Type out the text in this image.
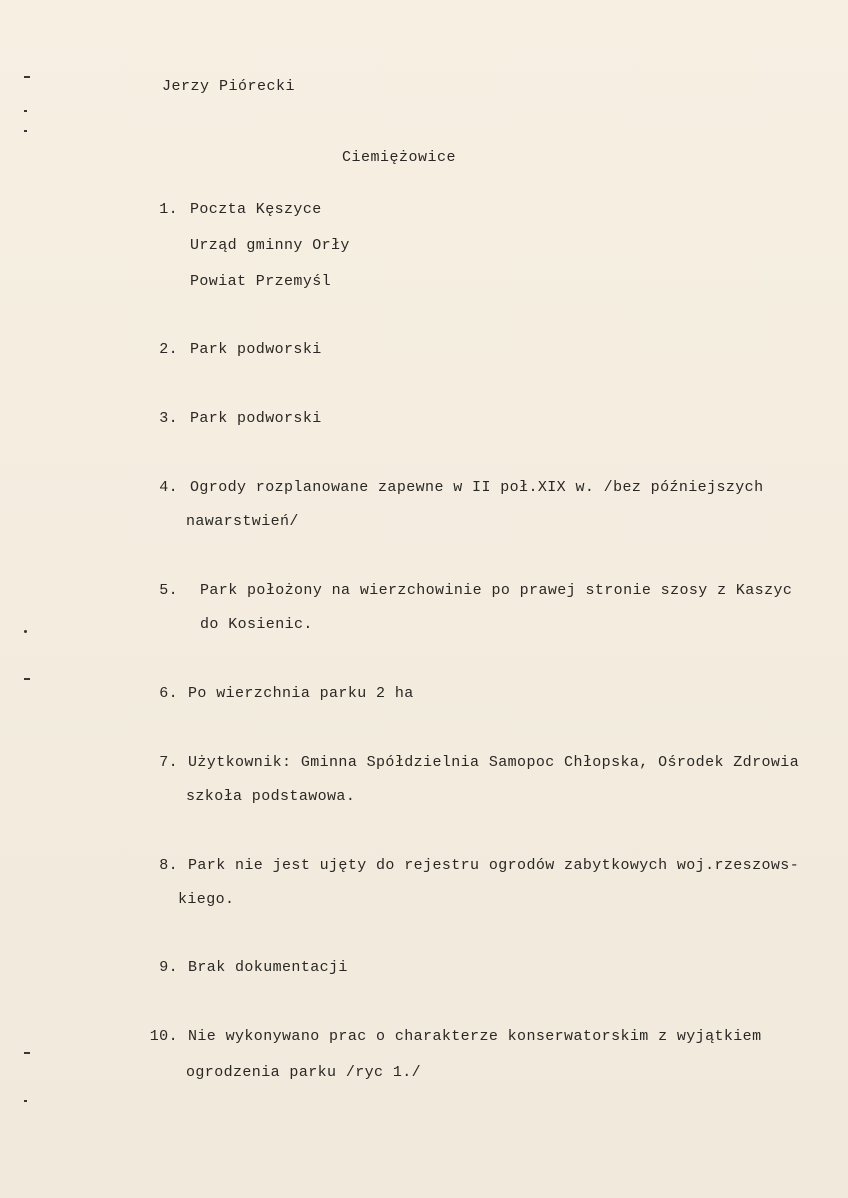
Jerzy Piórecki
Ciemiężowice
1. Poczta Kęszyce
Urząd gminny Orły
Powiat Przemyśl
2. Park podworski
3. Park podworski
4. Ogrody rozplanowane zapewne w II poł.XIX w. /bez późniejszych
nawarstwień/
5. Park położony na wierzchowinie po prawej stronie szosy z Kaszyc
do Kosienic.
6. Po wierzchnia parku 2 ha
7. Użytkownik: Gminna Spółdzielnia Samopoc Chłopska, Ośrodek Zdrowia
szkoła podstawowa.
8. Park nie jest ujęty do rejestru ogrodów zabytkowych woj.rzeszows-
kiego.
9. Brak dokumentacji
10. Nie wykonywano prac o charakterze konserwatorskim z wyjątkiem
ogrodzenia parku /ryc 1./
